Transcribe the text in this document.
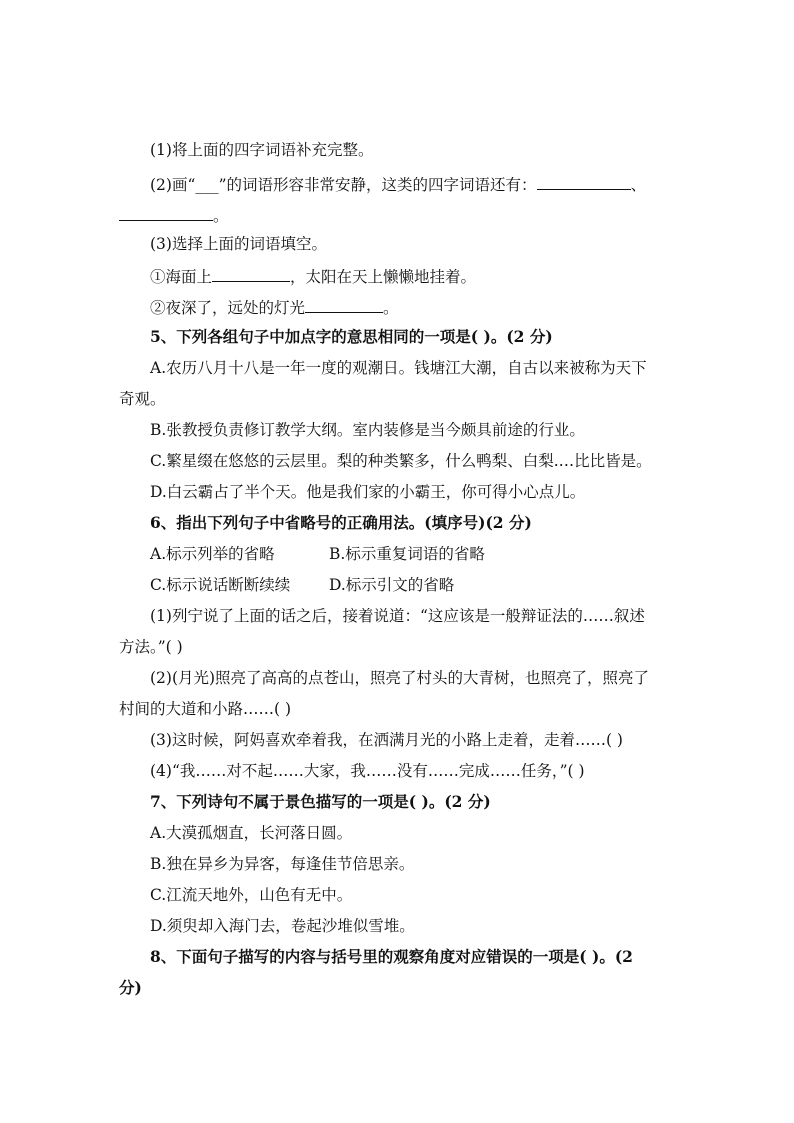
(1)将上面的四字词语补充完整。
(2)画“___”的词语形容非常安静，这类的四字词语还有：	、
。
(3)选择上面的词语填空。
①海面上	，太阳在天上懒懒地挂着。
②夜深了，远处的灯光	。
5、下列各组句子中加点字的意思相同的一项是( )。(2 分)
A.农历八月十八是一年一度的观潮日。钱塘江大潮，自古以来被称为天下
奇观。
B.张教授负责修订教学大纲。室内装修是当今颇具前途的行业。
C.繁星缀在悠悠的云层里。梨的种类繁多，什么鸭梨、白梨.…比比皆是。
D.白云霸占了半个天。他是我们家的小霸王，你可得小心点儿。
6、指出下列句子中省略号的正确用法。(填序号)(2 分)
A.标示列举的省略	B.标示重复词语的省略
C.标示说话断断续续	D.标示引文的省略
(1)列宁说了上面的话之后，接着说道：“这应该是一般辩证法的……叙述
方法。”( )
(2)(月光)照亮了高高的点苍山，照亮了村头的大青树，也照亮了，照亮了
村间的大道和小路……( )
(3)这时候，阿妈喜欢牵着我，在洒满月光的小路上走着，走着……( )
(4)“我……对不起……大家，我……没有……完成……任务，”( )
7、下列诗句不属于景色描写的一项是( )。(2 分)
A.大漠孤烟直，长河落日圆。
B.独在异乡为异客，每逢佳节倍思亲。
C.江流天地外，山色有无中。
D.须臾却入海门去，卷起沙堆似雪堆。
8、下面句子描写的内容与括号里的观察角度对应错误的一项是( )。(2
分)
